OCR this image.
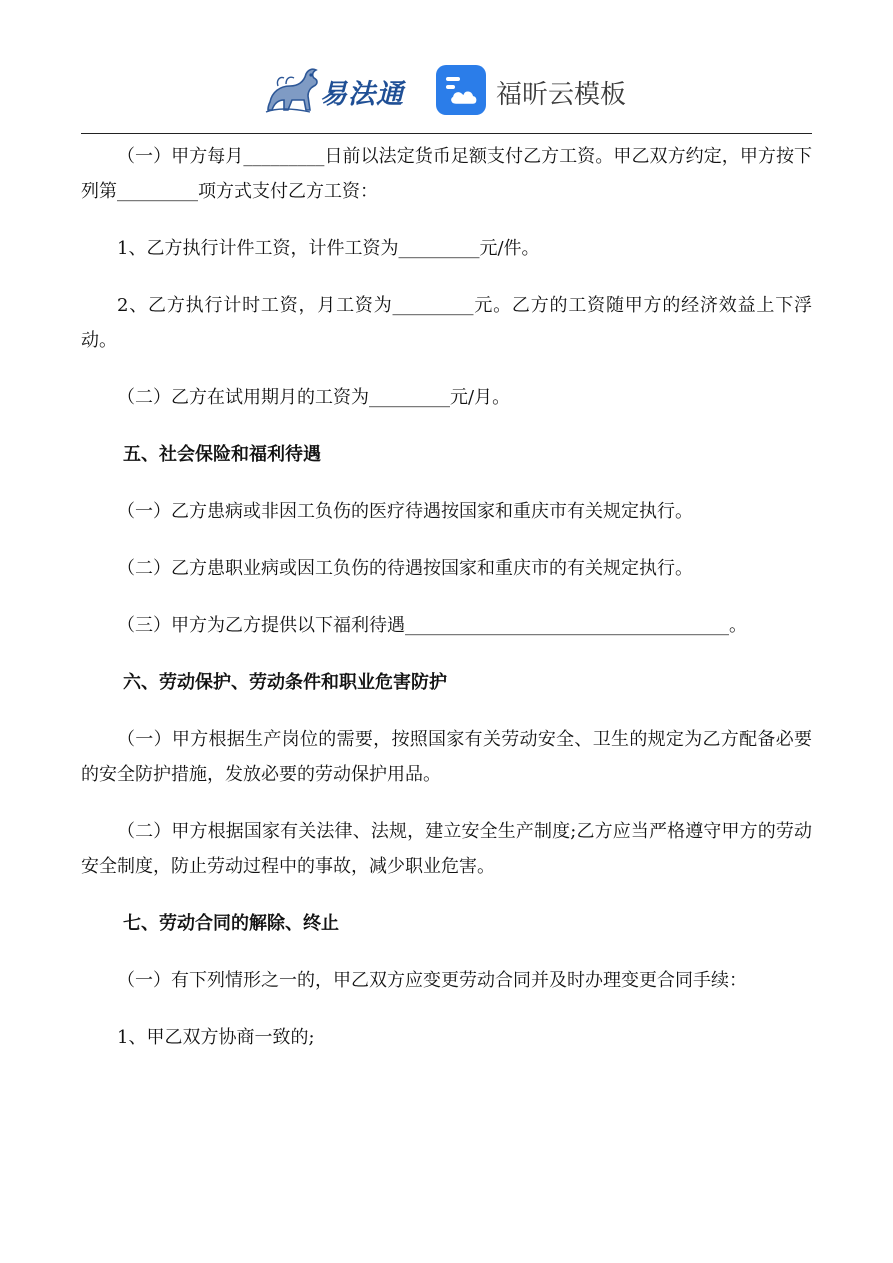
易法通	福昕云模板

（一）甲方每月_________日前以法定货币足额支付乙方工资。甲乙双方约定，甲方按下列第_________项方式支付乙方工资：

1、乙方执行计件工资，计件工资为_________元/件。

2、乙方执行计时工资，月工资为_________元。乙方的工资随甲方的经济效益上下浮动。

（二）乙方在试用期月的工资为_________元/月。

五、社会保险和福利待遇

（一）乙方患病或非因工负伤的医疗待遇按国家和重庆市有关规定执行。

（二）乙方患职业病或因工负伤的待遇按国家和重庆市的有关规定执行。

（三）甲方为乙方提供以下福利待遇____________________________________。

六、劳动保护、劳动条件和职业危害防护

（一）甲方根据生产岗位的需要，按照国家有关劳动安全、卫生的规定为乙方配备必要的安全防护措施，发放必要的劳动保护用品。

（二）甲方根据国家有关法律、法规，建立安全生产制度;乙方应当严格遵守甲方的劳动安全制度，防止劳动过程中的事故，减少职业危害。

七、劳动合同的解除、终止

（一）有下列情形之一的，甲乙双方应变更劳动合同并及时办理变更合同手续：

1、甲乙双方协商一致的;
